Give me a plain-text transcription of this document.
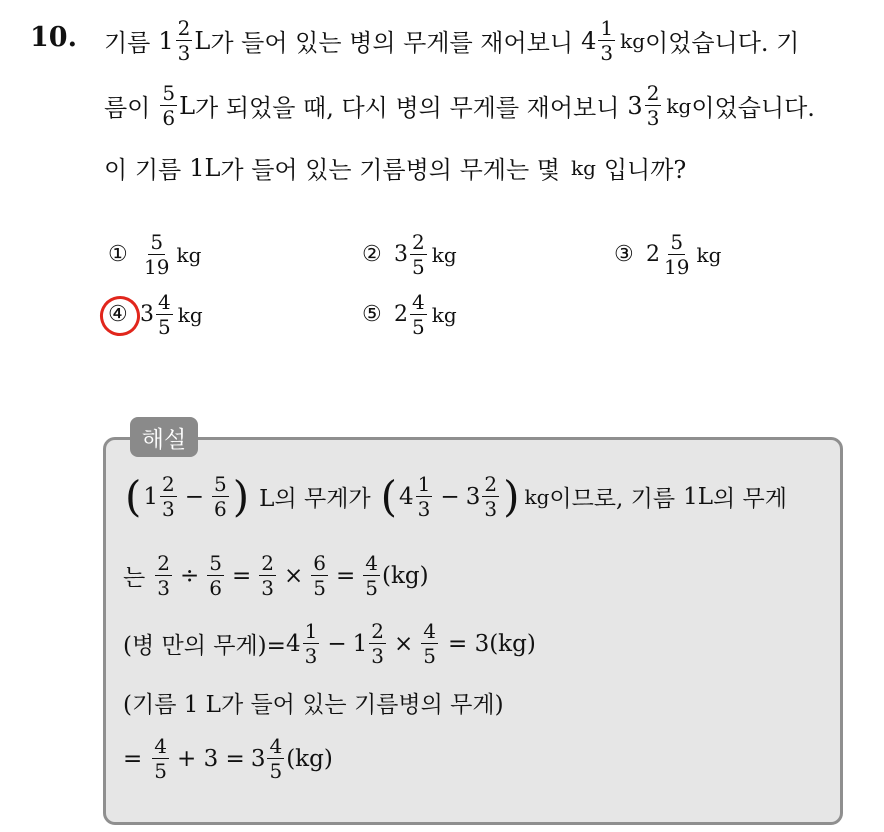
10. 기름 $1 \frac{2}{3}$ L 가 들어 있는 병의 무게를 재어보니 $4 \frac{1}{3}$ kg 이었습니다. 기
름이 $\frac{5}{6}$ L 가 되었을 때, 다시 병의 무게를 재어보니 $3 \frac{2}{3}$ kg 이었습니다.
이 기름 1 L 가 들어 있는 기름병의 무게는 몇 kg 입니까?
① $\frac{5}{19}$ kg	② $3 \frac{2}{5}$ kg	③ $2 \frac{5}{19}$ kg
④ $3 \frac{4}{5}$ kg	⑤ $2 \frac{4}{5}$ kg
해설
( $1 \frac{2}{3} - \frac{5}{6}$ ) L의 무게가 ( $4 \frac{1}{3} - 3 \frac{2}{3}$ ) kg 이므로, 기름 1 L 의 무게
는 $\frac{2}{3} \div \frac{5}{6} = \frac{2}{3} \times \frac{6}{5} = \frac{4}{5} (kg)$
(병 만의 무게)= $4 \frac{1}{3} - 1 \frac{2}{3} \times \frac{4}{5} = 3(kg)$
(기름 1 L가 들어 있는 기름병의 무게)
= $\frac{4}{5} + 3 = 3 \frac{4}{5} (kg)$
